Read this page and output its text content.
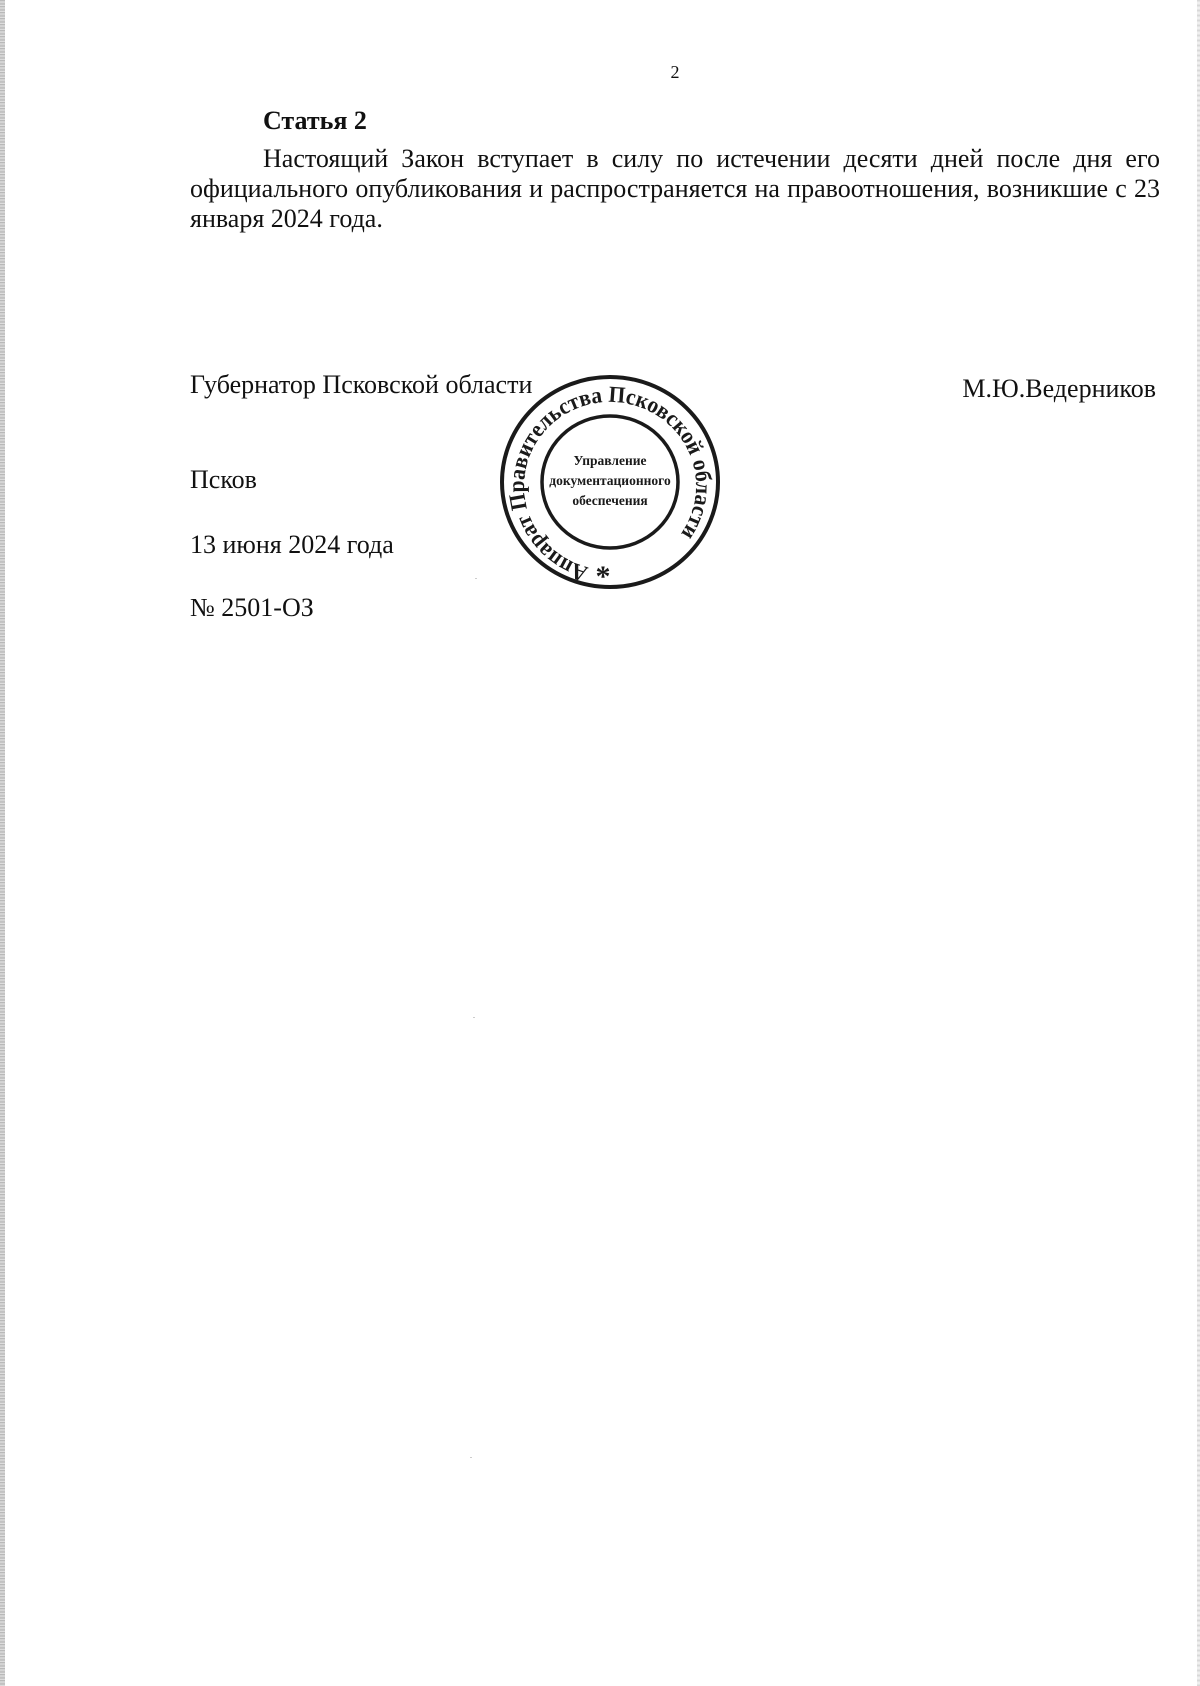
2
Статья 2

Настоящий Закон вступает в силу по истечении десяти дней после дня его официального опубликования и распространяется на правоотношения, возникшие с 23 января 2024 года.

Губернатор Псковской области	М.Ю.Ведерников
Псков
13 июня 2024 года
№ 2501-ОЗ
Аппарат Правительства Псковской области
Управление
документационного
обеспечения
*
